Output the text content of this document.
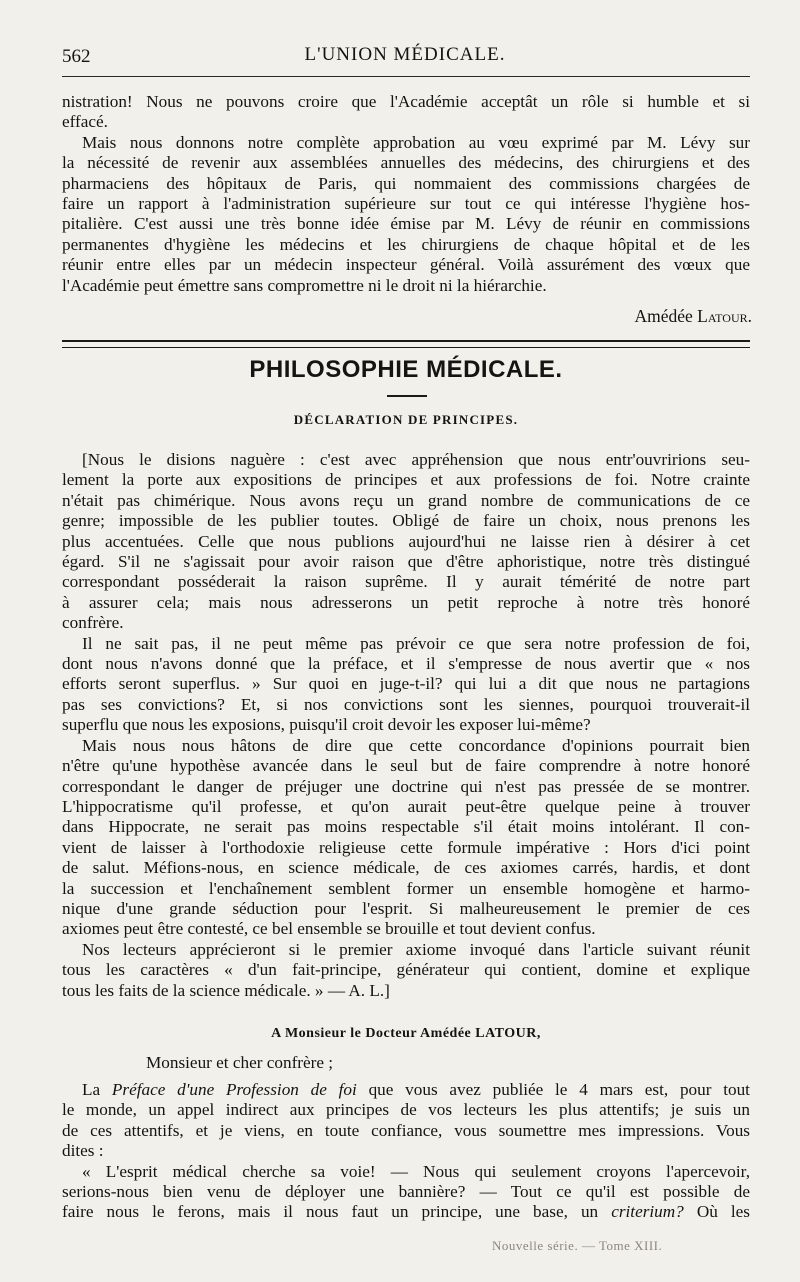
562	L'UNION MÉDICALE.
nistration! Nous ne pouvons croire que l'Académie acceptât un rôle si humble et si
effacé.
Mais nous donnons notre complète approbation au vœu exprimé par M. Lévy sur
la nécessité de revenir aux assemblées annuelles des médecins, des chirurgiens et des
pharmaciens des hôpitaux de Paris, qui nommaient des commissions chargées de
faire un rapport à l'administration supérieure sur tout ce qui intéresse l'hygiène hos-
pitalière. C'est aussi une très bonne idée émise par M. Lévy de réunir en commissions
permanentes d'hygiène les médecins et les chirurgiens de chaque hôpital et de les
réunir entre elles par un médecin inspecteur général. Voilà assurément des vœux que
l'Académie peut émettre sans compromettre ni le droit ni la hiérarchie.
Amédée Latour.
PHILOSOPHIE MÉDICALE.
DÉCLARATION DE PRINCIPES.
[Nous le disions naguère : c'est avec appréhension que nous entr'ouvririons seu-
lement la porte aux expositions de principes et aux professions de foi. Notre crainte
n'était pas chimérique. Nous avons reçu un grand nombre de communications de ce
genre; impossible de les publier toutes. Obligé de faire un choix, nous prenons les
plus accentuées. Celle que nous publions aujourd'hui ne laisse rien à désirer à cet
égard. S'il ne s'agissait pour avoir raison que d'être aphoristique, notre très distingué
correspondant posséderait la raison suprême. Il y aurait témérité de notre part
à assurer cela; mais nous adresserons un petit reproche à notre très honoré
confrère.
Il ne sait pas, il ne peut même pas prévoir ce que sera notre profession de foi,
dont nous n'avons donné que la préface, et il s'empresse de nous avertir que « nos
efforts seront superflus. » Sur quoi en juge-t-il? qui lui a dit que nous ne partagions
pas ses convictions? Et, si nos convictions sont les siennes, pourquoi trouverait-il
superflu que nous les exposions, puisqu'il croit devoir les exposer lui-même?
Mais nous nous hâtons de dire que cette concordance d'opinions pourrait bien
n'être qu'une hypothèse avancée dans le seul but de faire comprendre à notre honoré
correspondant le danger de préjuger une doctrine qui n'est pas pressée de se montrer.
L'hippocratisme qu'il professe, et qu'on aurait peut-être quelque peine à trouver
dans Hippocrate, ne serait pas moins respectable s'il était moins intolérant. Il con-
vient de laisser à l'orthodoxie religieuse cette formule impérative : Hors d'ici point
de salut. Méfions-nous, en science médicale, de ces axiomes carrés, hardis, et dont
la succession et l'enchaînement semblent former un ensemble homogène et harmo-
nique d'une grande séduction pour l'esprit. Si malheureusement le premier de ces
axiomes peut être contesté, ce bel ensemble se brouille et tout devient confus.
Nos lecteurs apprécieront si le premier axiome invoqué dans l'article suivant réunit
tous les caractères « d'un fait-principe, générateur qui contient, domine et explique
tous les faits de la science médicale. » — A. L.]
A Monsieur le Docteur Amédée LATOUR,
Monsieur et cher confrère ;
La Préface d'une Profession de foi que vous avez publiée le 4 mars est, pour tout
le monde, un appel indirect aux principes de vos lecteurs les plus attentifs; je suis un
de ces attentifs, et je viens, en toute confiance, vous soumettre mes impressions. Vous
dites :
« L'esprit médical cherche sa voie! — Nous qui seulement croyons l'apercevoir,
serions-nous bien venu de déployer une bannière? — Tout ce qu'il est possible de
faire nous le ferons, mais il nous faut un principe, une base, un criterium? Où les
Nouvelle série. — Tome XIII.
